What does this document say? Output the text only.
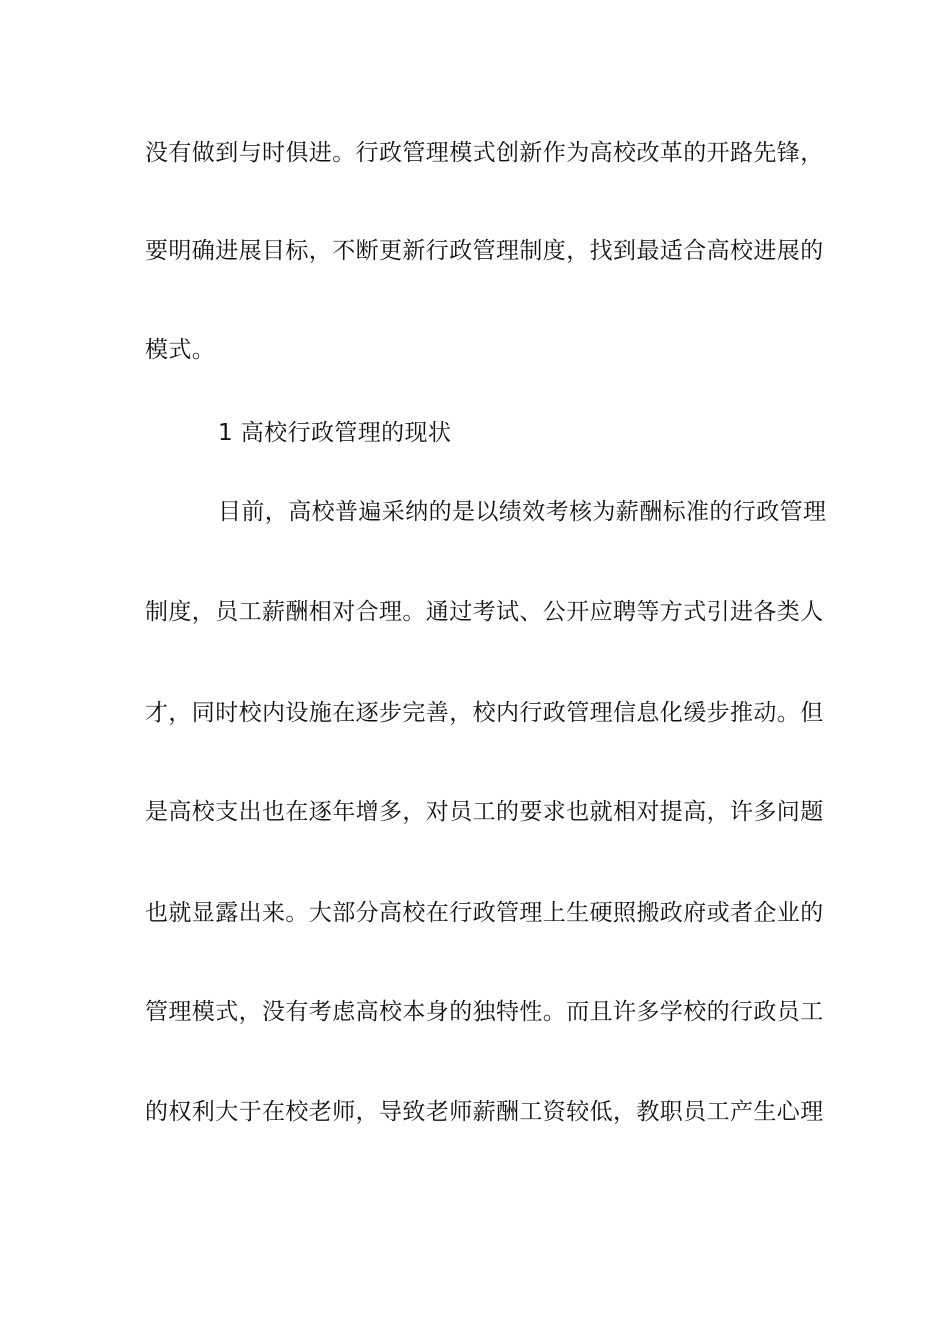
没有做到与时俱进。行政管理模式创新作为高校改革的开路先锋，
要明确进展目标，不断更新行政管理制度，找到最适合高校进展的
模式。
1 高校行政管理的现状
目前，高校普遍采纳的是以绩效考核为薪酬标准的行政管理
制度，员工薪酬相对合理。通过考试、公开应聘等方式引进各类人
才，同时校内设施在逐步完善，校内行政管理信息化缓步推动。但
是高校支出也在逐年增多，对员工的要求也就相对提高，许多问题
也就显露出来。大部分高校在行政管理上生硬照搬政府或者企业的
管理模式，没有考虑高校本身的独特性。而且许多学校的行政员工
的权利大于在校老师，导致老师薪酬工资较低，教职员工产生心理
